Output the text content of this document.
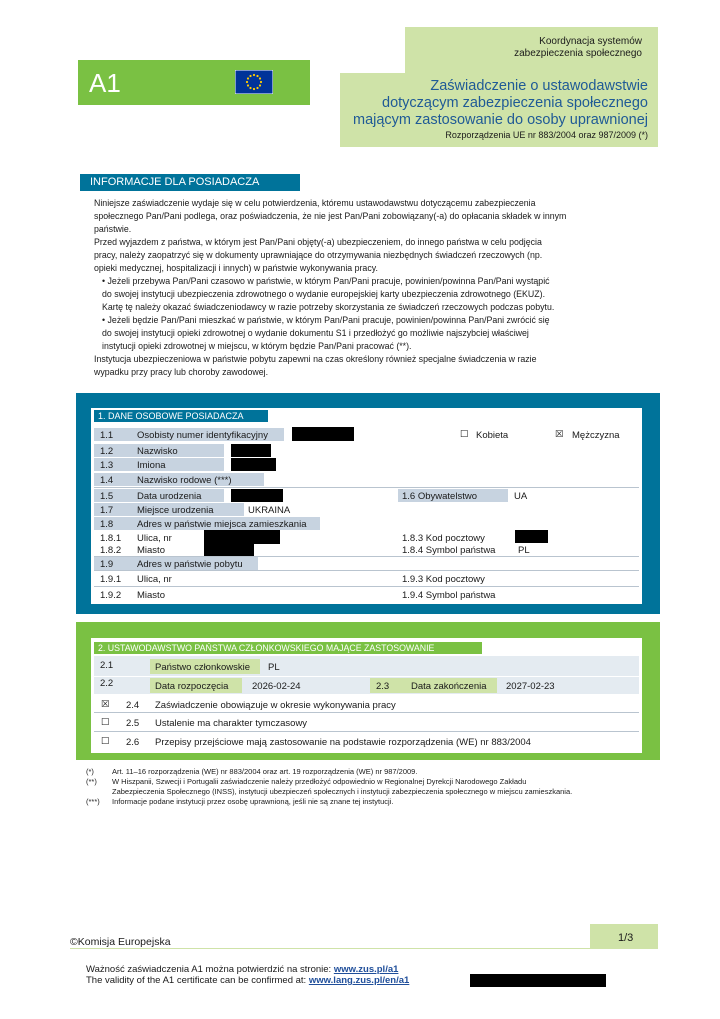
Koordynacja systemów
zabezpieczenia społecznego
A1	Zaświadczenie o ustawodawstwie
dotyczącym zabezpieczenia społecznego
mającym zastosowanie do osoby uprawnionej
Rozporządzenia UE nr 883/2004 oraz 987/2009 (*)
INFORMACJE DLA POSIADACZA
Niniejsze zaświadczenie wydaje się w celu potwierdzenia, któremu ustawodawstwu dotyczącemu zabezpieczenia
społecznego Pan/Pani podlega, oraz poświadczenia, że nie jest Pan/Pani zobowiązany(-a) do opłacania składek w innym
państwie.
Przed wyjazdem z państwa, w którym jest Pan/Pani objęty(-a) ubezpieczeniem, do innego państwa w celu podjęcia
pracy, należy zaopatrzyć się w dokumenty uprawniające do otrzymywania niezbędnych świadczeń rzeczowych (np.
opieki medycznej, hospitalizacji i innych) w państwie wykonywania pracy.
• Jeżeli przebywa Pan/Pani czasowo w państwie, w którym Pan/Pani pracuje, powinien/powinna Pan/Pani wystąpić
do swojej instytucji ubezpieczenia zdrowotnego o wydanie europejskiej karty ubezpieczenia zdrowotnego (EKUZ).
Kartę tę należy okazać świadczeniodawcy w razie potrzeby skorzystania ze świadczeń rzeczowych podczas pobytu.
• Jeżeli będzie Pan/Pani mieszkać w państwie, w którym Pan/Pani pracuje, powinien/powinna Pan/Pani zwrócić się
do swojej instytucji opieki zdrowotnej o wydanie dokumentu S1 i przedłożyć go możliwie najszybciej właściwej
instytucji opieki zdrowotnej w miejscu, w którym będzie Pan/Pani pracować (**).
Instytucja ubezpieczeniowa w państwie pobytu zapewni na czas określony również specjalne świadczenia w razie
wypadku przy pracy lub choroby zawodowej.
1. DANE OSOBOWE POSIADACZA
1.1	Osobisty numer identyfikacyjny	☐ Kobieta	☒ Mężczyzna
1.2	Nazwisko
1.3	Imiona
1.4	Nazwisko rodowe (***)
1.5	Data urodzenia	1.6 Obywatelstwo	UA
1.7	Miejsce urodzenia	UKRAINA
1.8	Adres w państwie miejsca zamieszkania
1.8.1 Ulica, nr	1.8.3 Kod pocztowy
1.8.2 Miasto	1.8.4 Symbol państwa PL
1.9	Adres w państwie pobytu
1.9.1 Ulica, nr	1.9.3 Kod pocztowy
1.9.2 Miasto	1.9.4 Symbol państwa
2. USTAWODAWSTWO PAŃSTWA CZŁONKOWSKIEGO MAJĄCE ZASTOSOWANIE
2.1	Państwo członkowskie PL
2.2	Data rozpoczęcia 2026-02-24	2.3 Data zakończenia 2027-02-23
☒ 2.4 Zaświadczenie obowiązuje w okresie wykonywania pracy
☐ 2.5 Ustalenie ma charakter tymczasowy
☐ 2.6 Przepisy przejściowe mają zastosowanie na podstawie rozporządzenia (WE) nr 883/2004
(*) Art. 11–16 rozporządzenia (WE) nr 883/2004 oraz art. 19 rozporządzenia (WE) nr 987/2009.
(**) W Hiszpanii, Szwecji i Portugalii zaświadczenie należy przedłożyć odpowiednio w Regionalnej Dyrekcji Narodowego Zakładu
Zabezpieczenia Społecznego (INSS), instytucji ubezpieczeń społecznych i instytucji zabezpieczenia społecznego w miejscu zamieszkania.
(***) Informacje podane instytucji przez osobę uprawnioną, jeśli nie są znane tej instytucji.
©Komisja Europejska	1/3
Ważność zaświadczenia A1 można potwierdzić na stronie: www.zus.pl/a1
The validity of the A1 certificate can be confirmed at: www.lang.zus.pl/en/a1
